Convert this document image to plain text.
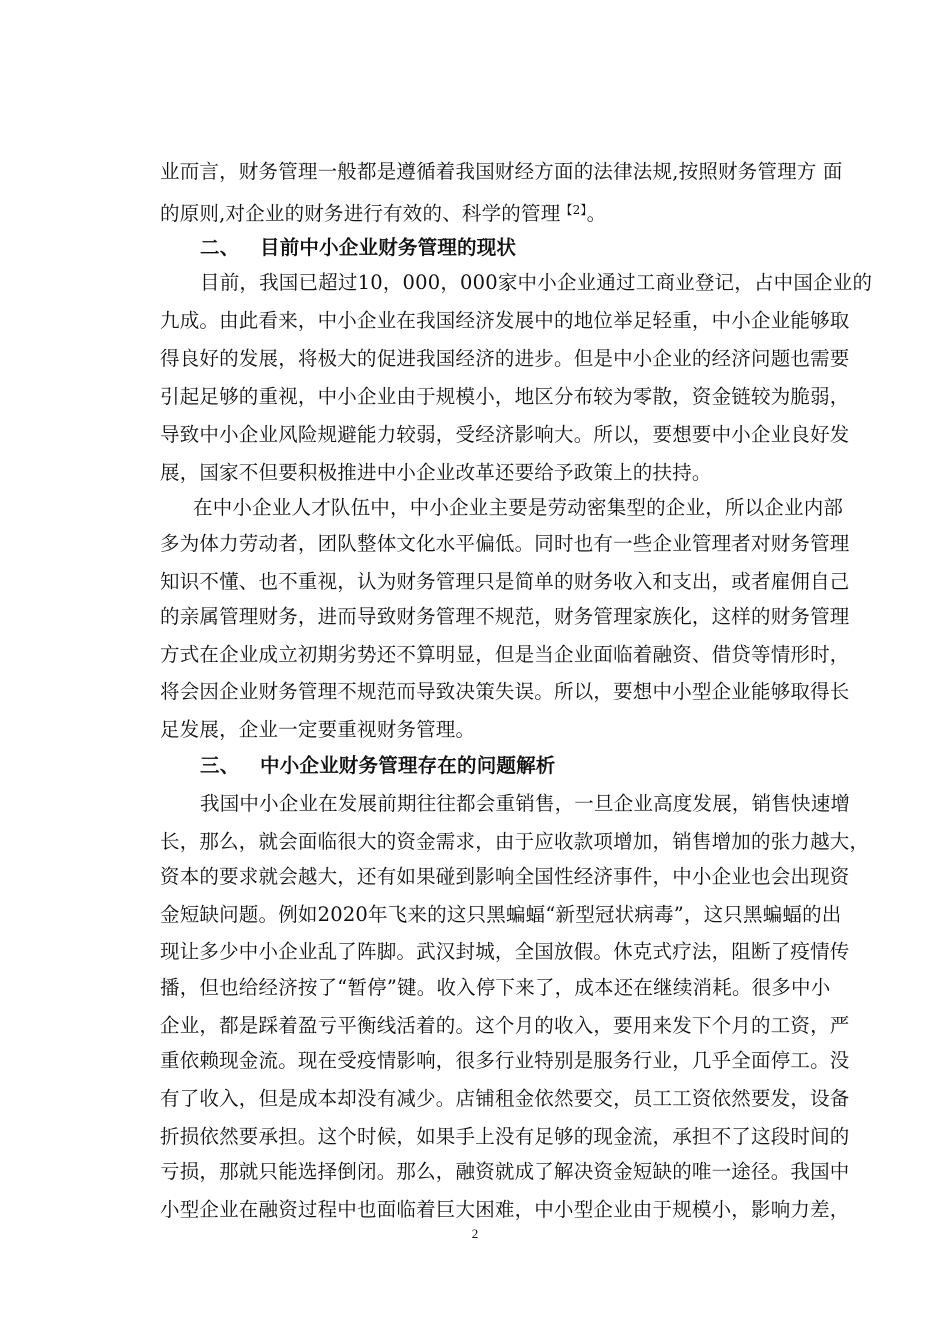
业而言，财务管理一般都是遵循着我国财经方面的法律法规,按照财务管理方 面
的原则,对企业的财务进行有效的、科学的管理$^{【2】}$。
二、 目前中小企业财务管理的现状
目前，我国已超过10，000，000家中小企业通过工商业登记，占中国企业的
九成。由此看来，中小企业在我国经济发展中的地位举足轻重，中小企业能够取
得良好的发展，将极大的促进我国经济的进步。但是中小企业的经济问题也需要
引起足够的重视，中小企业由于规模小，地区分布较为零散，资金链较为脆弱，
导致中小企业风险规避能力较弱，受经济影响大。所以，要想要中小企业良好发
展，国家不但要积极推进中小企业改革还要给予政策上的扶持。
在中小企业人才队伍中，中小企业主要是劳动密集型的企业，所以企业内部
多为体力劳动者，团队整体文化水平偏低。同时也有一些企业管理者对财务管理
知识不懂、也不重视，认为财务管理只是简单的财务收入和支出，或者雇佣自己
的亲属管理财务，进而导致财务管理不规范，财务管理家族化，这样的财务管理
方式在企业成立初期劣势还不算明显，但是当企业面临着融资、借贷等情形时，
将会因企业财务管理不规范而导致决策失误。所以，要想中小型企业能够取得长
足发展，企业一定要重视财务管理。
三、 中小企业财务管理存在的问题解析
我国中小企业在发展前期往往都会重销售，一旦企业高度发展，销售快速增
长，那么，就会面临很大的资金需求，由于应收款项增加，销售增加的张力越大，
资本的要求就会越大，还有如果碰到影响全国性经济事件，中小企业也会出现资
金短缺问题。例如2020年飞来的这只黑蝙蝠“新型冠状病毒”，这只黑蝙蝠的出
现让多少中小企业乱了阵脚。武汉封城，全国放假。休克式疗法，阻断了疫情传
播，但也给经济按了“暂停”键。收入停下来了，成本还在继续消耗。很多中小
企业，都是踩着盈亏平衡线活着的。这个月的收入，要用来发下个月的工资，严
重依赖现金流。现在受疫情影响，很多行业特别是服务行业，几乎全面停工。没
有了收入，但是成本却没有减少。店铺租金依然要交，员工工资依然要发，设备
折损依然要承担。这个时候，如果手上没有足够的现金流，承担不了这段时间的
亏损，那就只能选择倒闭。那么，融资就成了解决资金短缺的唯一途径。我国中
小型企业在融资过程中也面临着巨大困难，中小型企业由于规模小，影响力差，
2
